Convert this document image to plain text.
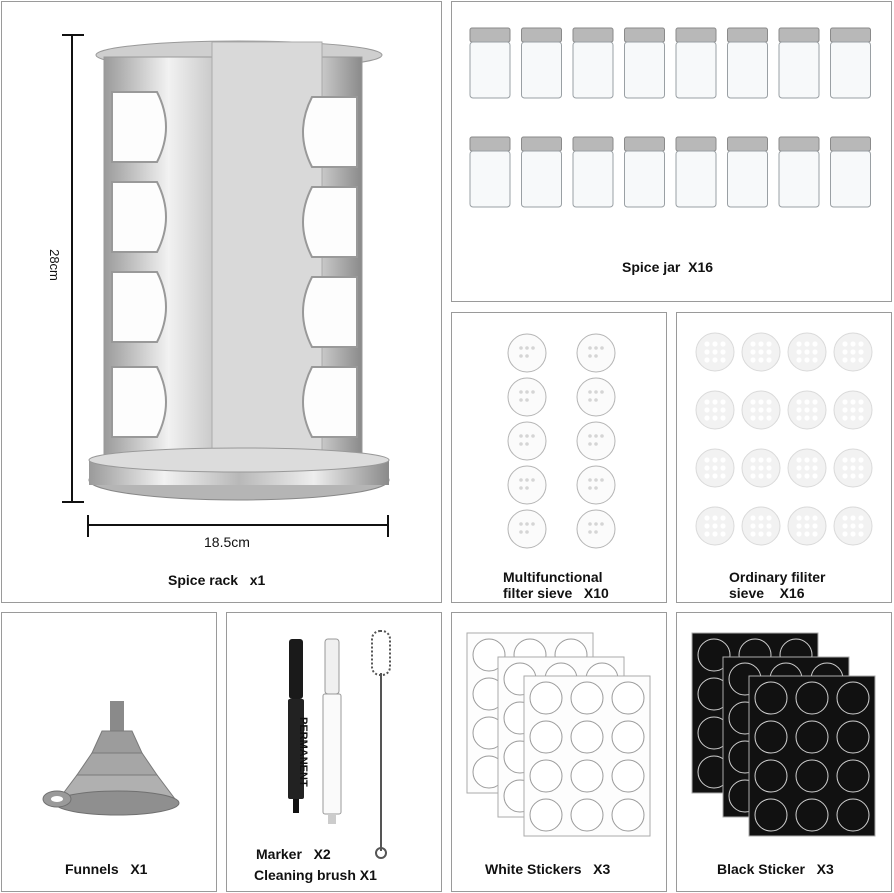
28cm
18.5cm
Spice rack   x1
Spice jar  X16
Multifunctional
filter sieve   X10
Ordinary filiter
sieve    X16
Funnels   X1
PERMANENT
Marker   X2
Cleaning brush X1	White Stickers   X3	Black Sticker   X3
